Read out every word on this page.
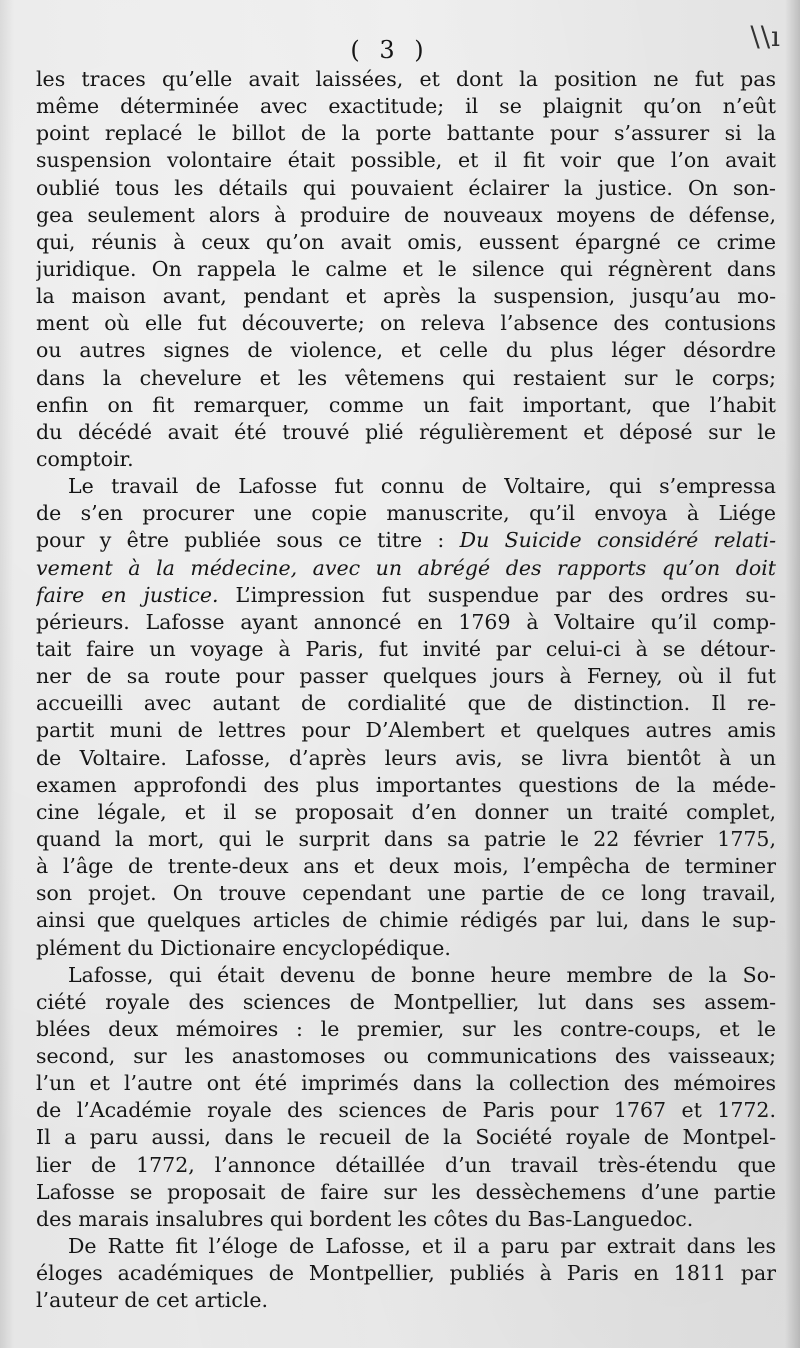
( 3 )	\ \ ı
les traces qu’elle avait laissées, et dont la position ne fut pas
même déterminée avec exactitude; il se plaignit qu’on n’eût
point replacé le billot de la porte battante pour s’assurer si la
suspension volontaire était possible, et il fit voir que l’on avait
oublié tous les détails qui pouvaient éclairer la justice. On son-
gea seulement alors à produire de nouveaux moyens de défense,
qui, réunis à ceux qu’on avait omis, eussent épargné ce crime
juridique. On rappela le calme et le silence qui régnèrent dans
la maison avant, pendant et après la suspension, jusqu’au mo-
ment où elle fut découverte; on releva l’absence des contusions
ou autres signes de violence, et celle du plus léger désordre
dans la chevelure et les vêtemens qui restaient sur le corps;
enfin on fit remarquer, comme un fait important, que l’habit
du décédé avait été trouvé plié régulièrement et déposé sur le
comptoir.
Le travail de Lafosse fut connu de Voltaire, qui s’empressa
de s’en procurer une copie manuscrite, qu’il envoya à Liége
pour y être publiée sous ce titre : Du Suicide considéré relati-
vement à la médecine, avec un abrégé des rapports qu’on doit
faire en justice. L’impression fut suspendue par des ordres su-
périeurs. Lafosse ayant annoncé en 1769 à Voltaire qu’il comp-
tait faire un voyage à Paris, fut invité par celui-ci à se détour-
ner de sa route pour passer quelques jours à Ferney, où il fut
accueilli avec autant de cordialité que de distinction. Il re-
partit muni de lettres pour D’Alembert et quelques autres amis
de Voltaire. Lafosse, d’après leurs avis, se livra bientôt à un
examen approfondi des plus importantes questions de la méde-
cine légale, et il se proposait d’en donner un traité complet,
quand la mort, qui le surprit dans sa patrie le 22 février 1775,
à l’âge de trente-deux ans et deux mois, l’empêcha de terminer
son projet. On trouve cependant une partie de ce long travail,
ainsi que quelques articles de chimie rédigés par lui, dans le sup-
plément du Dictionaire encyclopédique.
Lafosse, qui était devenu de bonne heure membre de la So-
ciété royale des sciences de Montpellier, lut dans ses assem-
blées deux mémoires : le premier, sur les contre-coups, et le
second, sur les anastomoses ou communications des vaisseaux;
l’un et l’autre ont été imprimés dans la collection des mémoires
de l’Académie royale des sciences de Paris pour 1767 et 1772.
Il a paru aussi, dans le recueil de la Société royale de Montpel-
lier de 1772, l’annonce détaillée d’un travail très-étendu que
Lafosse se proposait de faire sur les dessèchemens d’une partie
des marais insalubres qui bordent les côtes du Bas-Languedoc.
De Ratte fit l’éloge de Lafosse, et il a paru par extrait dans les
éloges académiques de Montpellier, publiés à Paris en 1811 par
l’auteur de cet article.
